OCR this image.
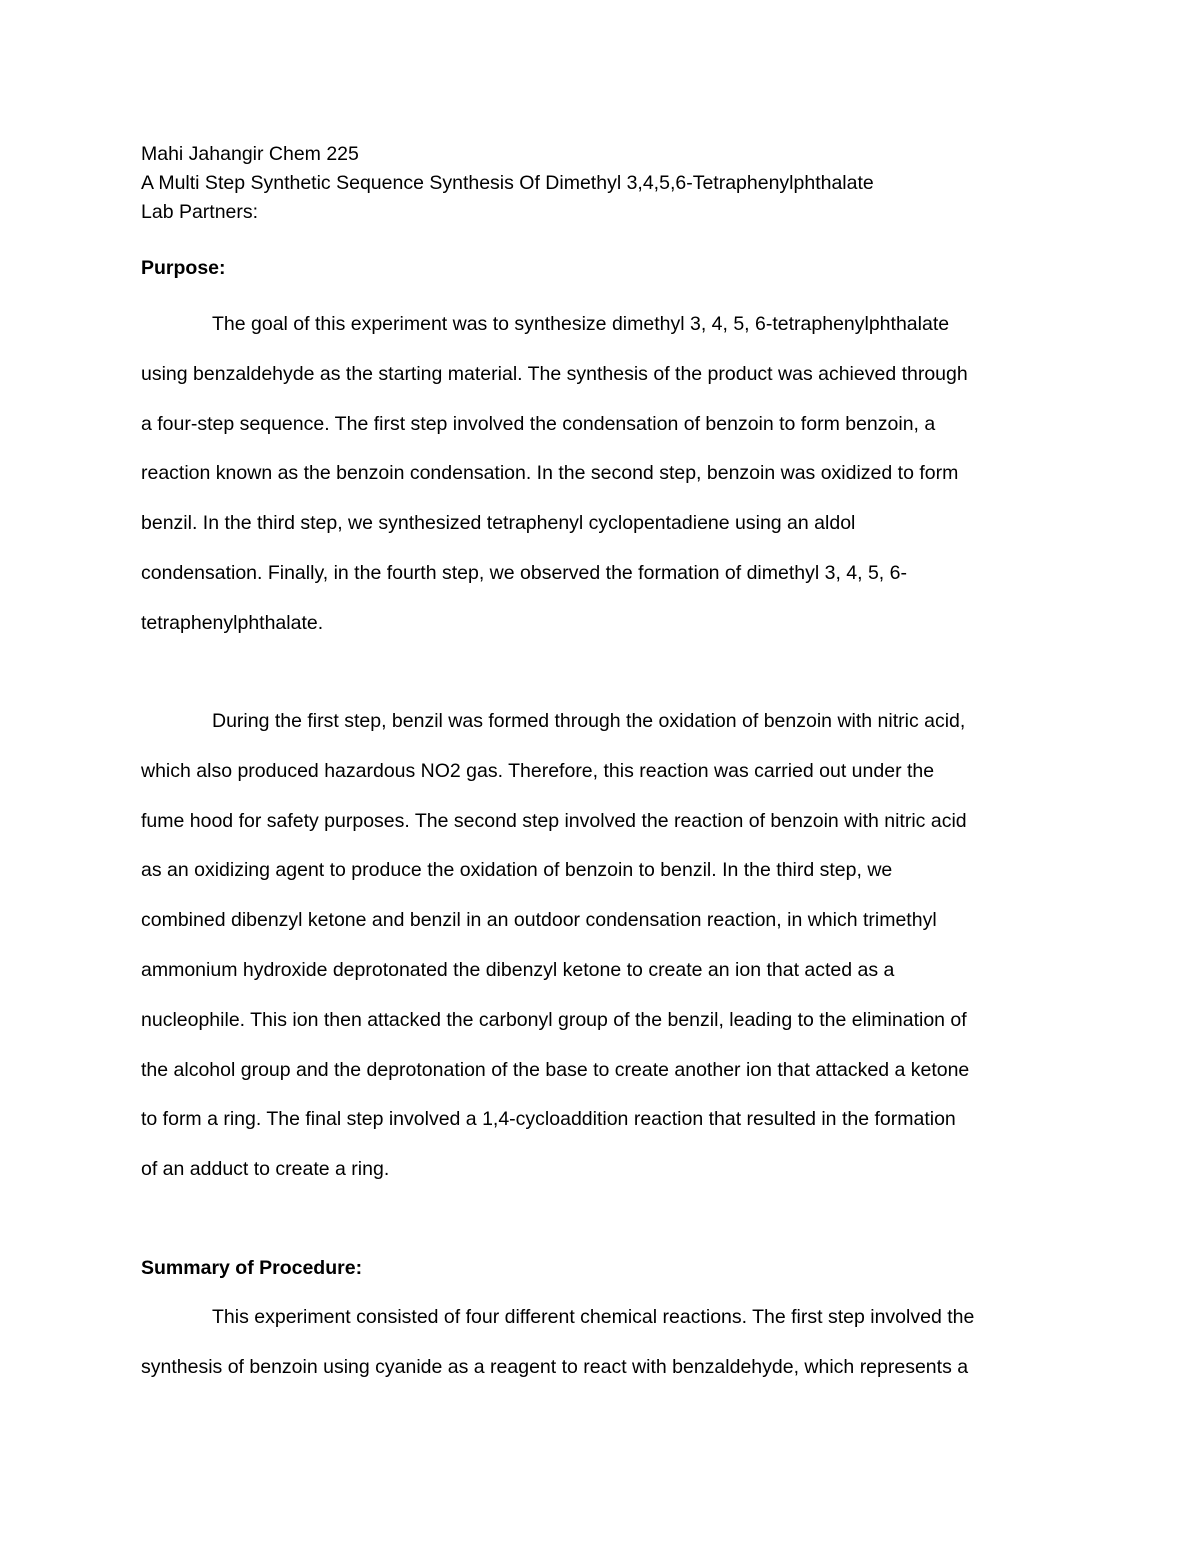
Mahi Jahangir Chem 225
A Multi Step Synthetic Sequence Synthesis Of Dimethyl 3,4,5,6-Tetraphenylphthalate
Lab Partners:
Purpose:
The goal of this experiment was to synthesize dimethyl 3, 4, 5, 6-tetraphenylphthalate
using benzaldehyde as the starting material. The synthesis of the product was achieved through
a four-step sequence. The first step involved the condensation of benzoin to form benzoin, a
reaction known as the benzoin condensation. In the second step, benzoin was oxidized to form
benzil. In the third step, we synthesized tetraphenyl cyclopentadiene using an aldol
condensation. Finally, in the fourth step, we observed the formation of dimethyl 3, 4, 5, 6-
tetraphenylphthalate.
During the first step, benzil was formed through the oxidation of benzoin with nitric acid,
which also produced hazardous NO2 gas. Therefore, this reaction was carried out under the
fume hood for safety purposes. The second step involved the reaction of benzoin with nitric acid
as an oxidizing agent to produce the oxidation of benzoin to benzil. In the third step, we
combined dibenzyl ketone and benzil in an outdoor condensation reaction, in which trimethyl
ammonium hydroxide deprotonated the dibenzyl ketone to create an ion that acted as a
nucleophile. This ion then attacked the carbonyl group of the benzil, leading to the elimination of
the alcohol group and the deprotonation of the base to create another ion that attacked a ketone
to form a ring. The final step involved a 1,4-cycloaddition reaction that resulted in the formation
of an adduct to create a ring.
Summary of Procedure:
This experiment consisted of four different chemical reactions. The first step involved the
synthesis of benzoin using cyanide as a reagent to react with benzaldehyde, which represents a
